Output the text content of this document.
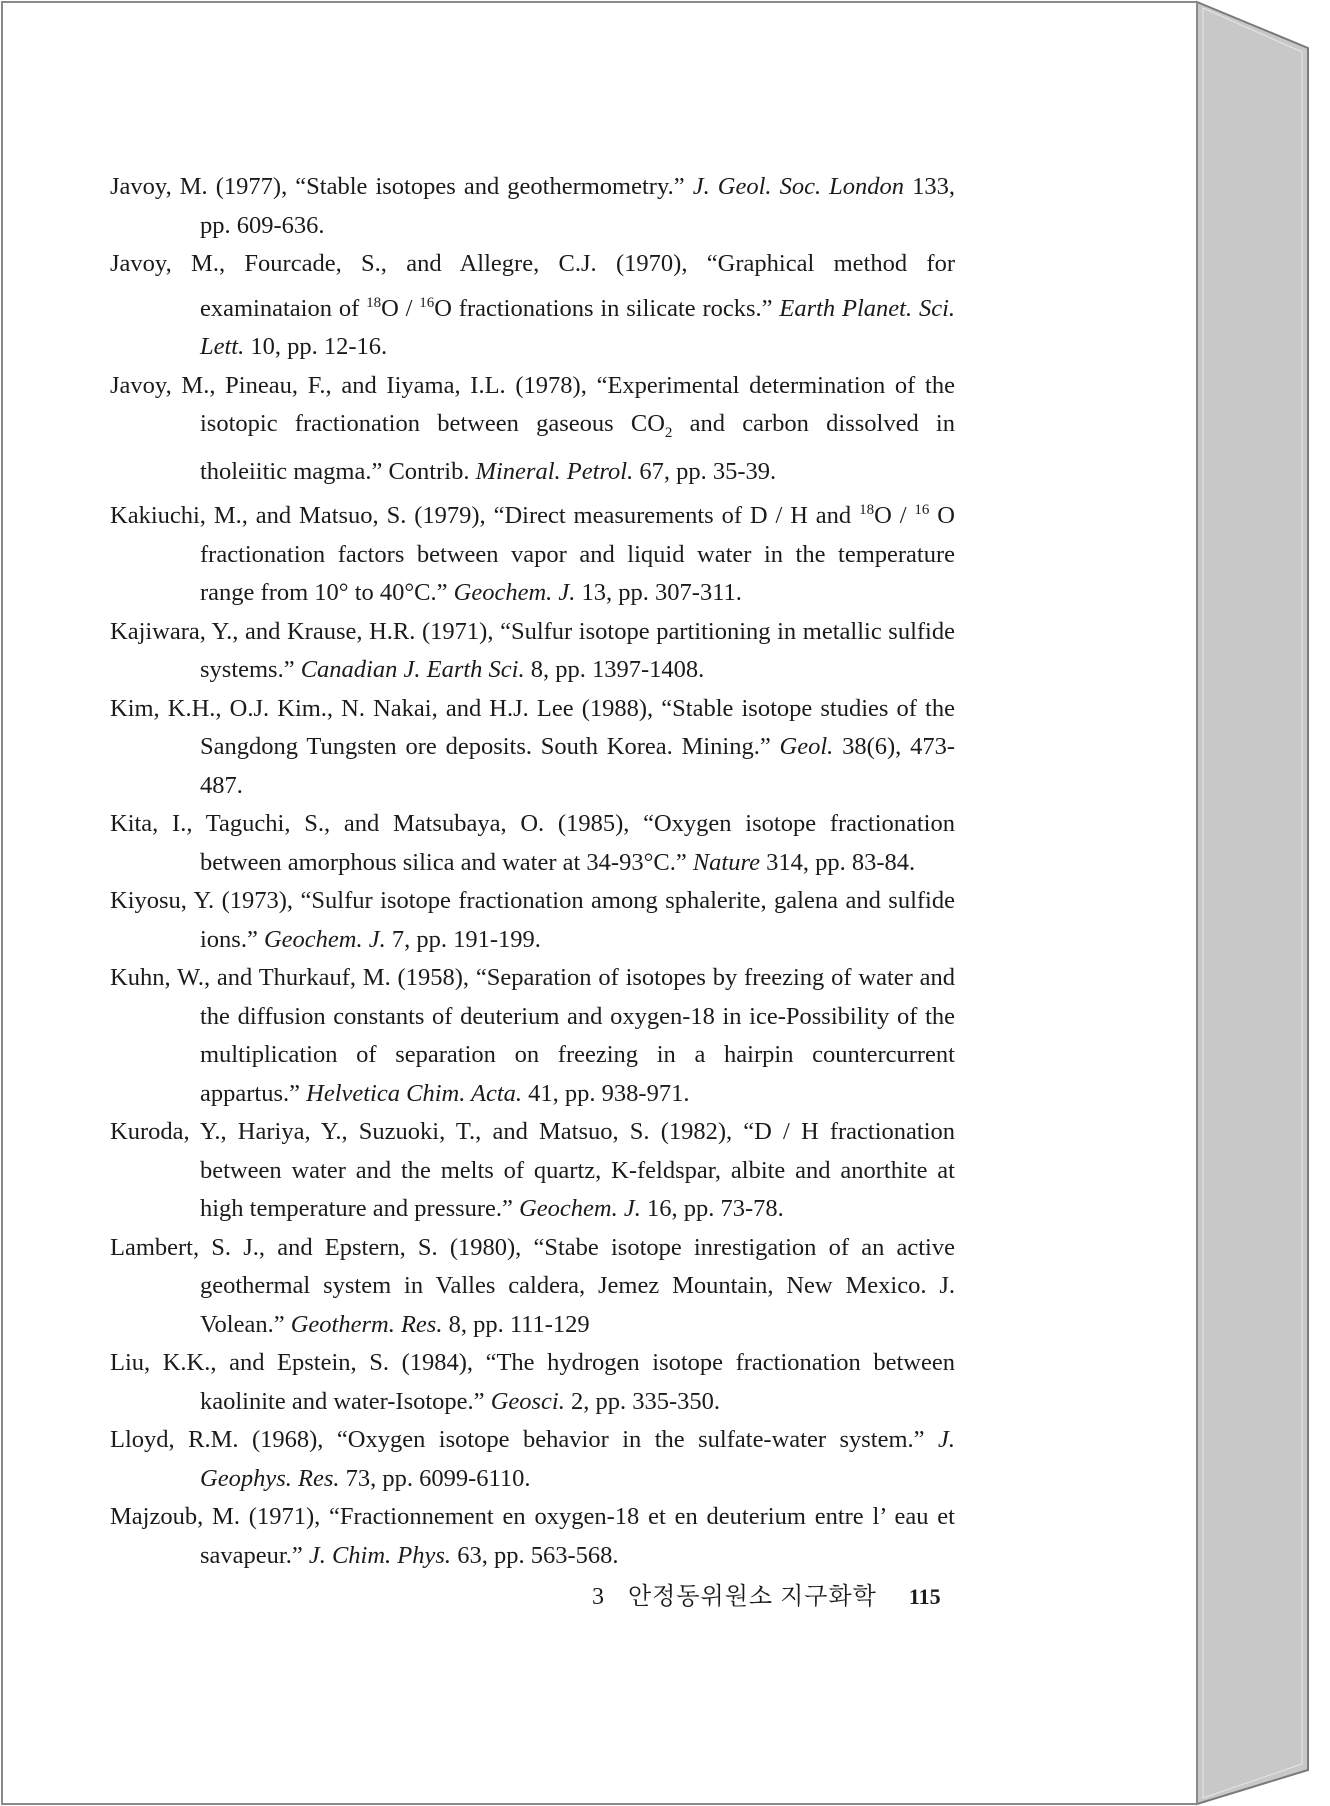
Javoy, M. (1977), “Stable isotopes and geothermometry.” J. Geol. Soc. London 133, pp. 609-636.

Javoy, M., Fourcade, S., and Allegre, C.J. (1970), “Graphical method for examinataion of $^{18}$O / $^{16}$O fractionations in silicate rocks.” Earth Planet. Sci. Lett. 10, pp. 12-16.

Javoy, M., Pineau, F., and Iiyama, I.L. (1978), “Experimental determination of the isotopic fractionation between gaseous $CO_2$ and carbon dissolved in tholeiitic magma.” Contrib. Mineral. Petrol. 67, pp. 35-39.

Kakiuchi, M., and Matsuo, S. (1979), “Direct measurements of D / H and $^{18}$O / $^{16}$ O fractionation factors between vapor and liquid water in the temperature range from 10° to 40°C.” Geochem. J. 13, pp. 307-311.

Kajiwara, Y., and Krause, H.R. (1971), “Sulfur isotope partitioning in metallic sulfide systems.” Canadian J. Earth Sci. 8, pp. 1397-1408.

Kim, K.H., O.J. Kim., N. Nakai, and H.J. Lee (1988), “Stable isotope studies of the Sangdong Tungsten ore deposits. South Korea. Mining.” Geol. 38(6), 473-487.

Kita, I., Taguchi, S., and Matsubaya, O. (1985), “Oxygen isotope fractionation between amorphous silica and water at 34-93°C.” Nature 314, pp. 83-84.

Kiyosu, Y. (1973), “Sulfur isotope fractionation among sphalerite, galena and sulfide ions.” Geochem. J. 7, pp. 191-199.

Kuhn, W., and Thurkauf, M. (1958), “Separation of isotopes by freezing of water and the diffusion constants of deuterium and oxygen-18 in ice-Possibility of the multiplication of separation on freezing in a hairpin countercurrent appartus.” Helvetica Chim. Acta. 41, pp. 938-971.

Kuroda, Y., Hariya, Y., Suzuoki, T., and Matsuo, S. (1982), “D / H fractionation between water and the melts of quartz, K-feldspar, albite and anorthite at high temperature and pressure.” Geochem. J. 16, pp. 73-78.

Lambert, S. J., and Epstern, S. (1980), “Stabe isotope inrestigation of an active geothermal system in Valles caldera, Jemez Mountain, New Mexico. J. Volean.” Geotherm. Res. 8, pp. 111-129

Liu, K.K., and Epstein, S. (1984), “The hydrogen isotope fractionation between kaolinite and water-Isotope.” Geosci. 2, pp. 335-350.

Lloyd, R.M. (1968), “Oxygen isotope behavior in the sulfate-water system.” J. Geophys. Res. 73, pp. 6099-6110.

Majzoub, M. (1971), “Fractionnement en oxygen-18 et en deuterium entre l’ eau et savapeur.” J. Chim. Phys. 63, pp. 563-568.

3 안정동위원소 지구화학 115
